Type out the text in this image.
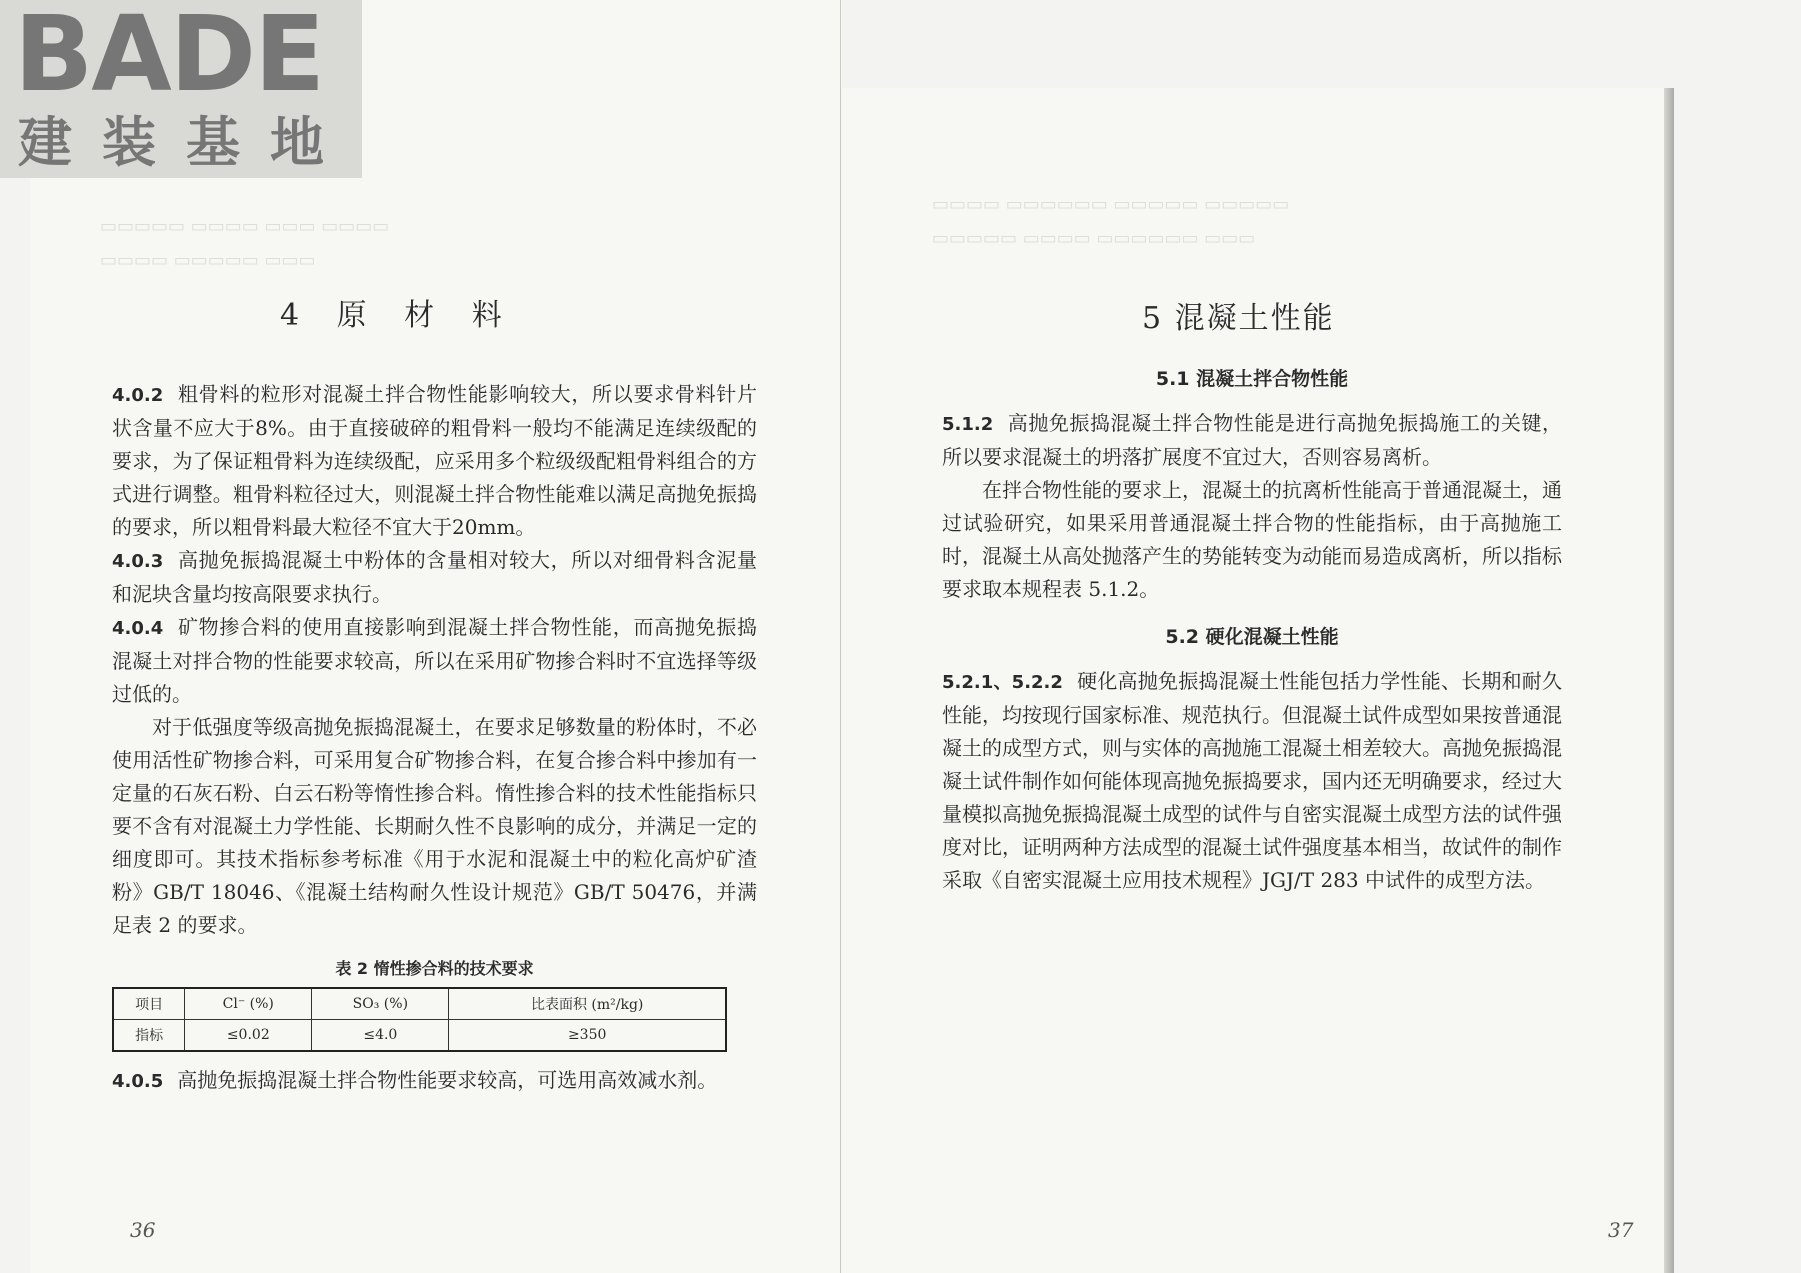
BADE
建装基地
▭▭▭▭▭ ▭▭▭▭ ▭▭▭ ▭▭▭▭
▭▭▭▭ ▭▭▭▭▭ ▭▭▭
4 原 材 料

4.0.2 粗骨料的粒形对混凝土拌合物性能影响较大，所以要求骨料针片状含量不应大于8%。由于直接破碎的粗骨料一般均不能满足连续级配的要求，为了保证粗骨料为连续级配，应采用多个粒级级配粗骨料组合的方式进行调整。粗骨料粒径过大，则混凝土拌合物性能难以满足高抛免振捣的要求，所以粗骨料最大粒径不宜大于20mm。

4.0.3 高抛免振捣混凝土中粉体的含量相对较大，所以对细骨料含泥量和泥块含量均按高限要求执行。

4.0.4 矿物掺合料的使用直接影响到混凝土拌合物性能，而高抛免振捣混凝土对拌合物的性能要求较高，所以在采用矿物掺合料时不宜选择等级过低的。

对于低强度等级高抛免振捣混凝土，在要求足够数量的粉体时，不必使用活性矿物掺合料，可采用复合矿物掺合料，在复合掺合料中掺加有一定量的石灰石粉、白云石粉等惰性掺合料。惰性掺合料的技术性能指标只要不含有对混凝土力学性能、长期耐久性不良影响的成分，并满足一定的细度即可。其技术指标参考标准《用于水泥和混凝土中的粒化高炉矿渣粉》GB/T 18046、《混凝土结构耐久性设计规范》GB/T 50476，并满足表 2 的要求。

表 2 惰性掺合料的技术要求

项目	Cl⁻ (%)	SO₃ (%)	比表面积 (m²/kg)
指标	≤0.02	≤4.0	≥350

4.0.5 高抛免振捣混凝土拌合物性能要求较高，可选用高效减水剂。

36
▭▭▭▭ ▭▭▭▭▭▭ ▭▭▭▭▭ ▭▭▭▭▭
▭▭▭▭▭ ▭▭▭▭ ▭▭▭▭▭▭ ▭▭▭
5 混凝土性能
5.1 混凝土拌合物性能

5.1.2 高抛免振捣混凝土拌合物性能是进行高抛免振捣施工的关键，所以要求混凝土的坍落扩展度不宜过大，否则容易离析。

在拌合物性能的要求上，混凝土的抗离析性能高于普通混凝土，通过试验研究，如果采用普通混凝土拌合物的性能指标，由于高抛施工时，混凝土从高处抛落产生的势能转变为动能而易造成离析，所以指标要求取本规程表 5.1.2。

5.2 硬化混凝土性能

5.2.1、5.2.2 硬化高抛免振捣混凝土性能包括力学性能、长期和耐久性能，均按现行国家标准、规范执行。但混凝土试件成型如果按普通混凝土的成型方式，则与实体的高抛施工混凝土相差较大。高抛免振捣混凝土试件制作如何能体现高抛免振捣要求，国内还无明确要求，经过大量模拟高抛免振捣混凝土成型的试件与自密实混凝土成型方法的试件强度对比，证明两种方法成型的混凝土试件强度基本相当，故试件的制作采取《自密实混凝土应用技术规程》JGJ/T 283 中试件的成型方法。

37
